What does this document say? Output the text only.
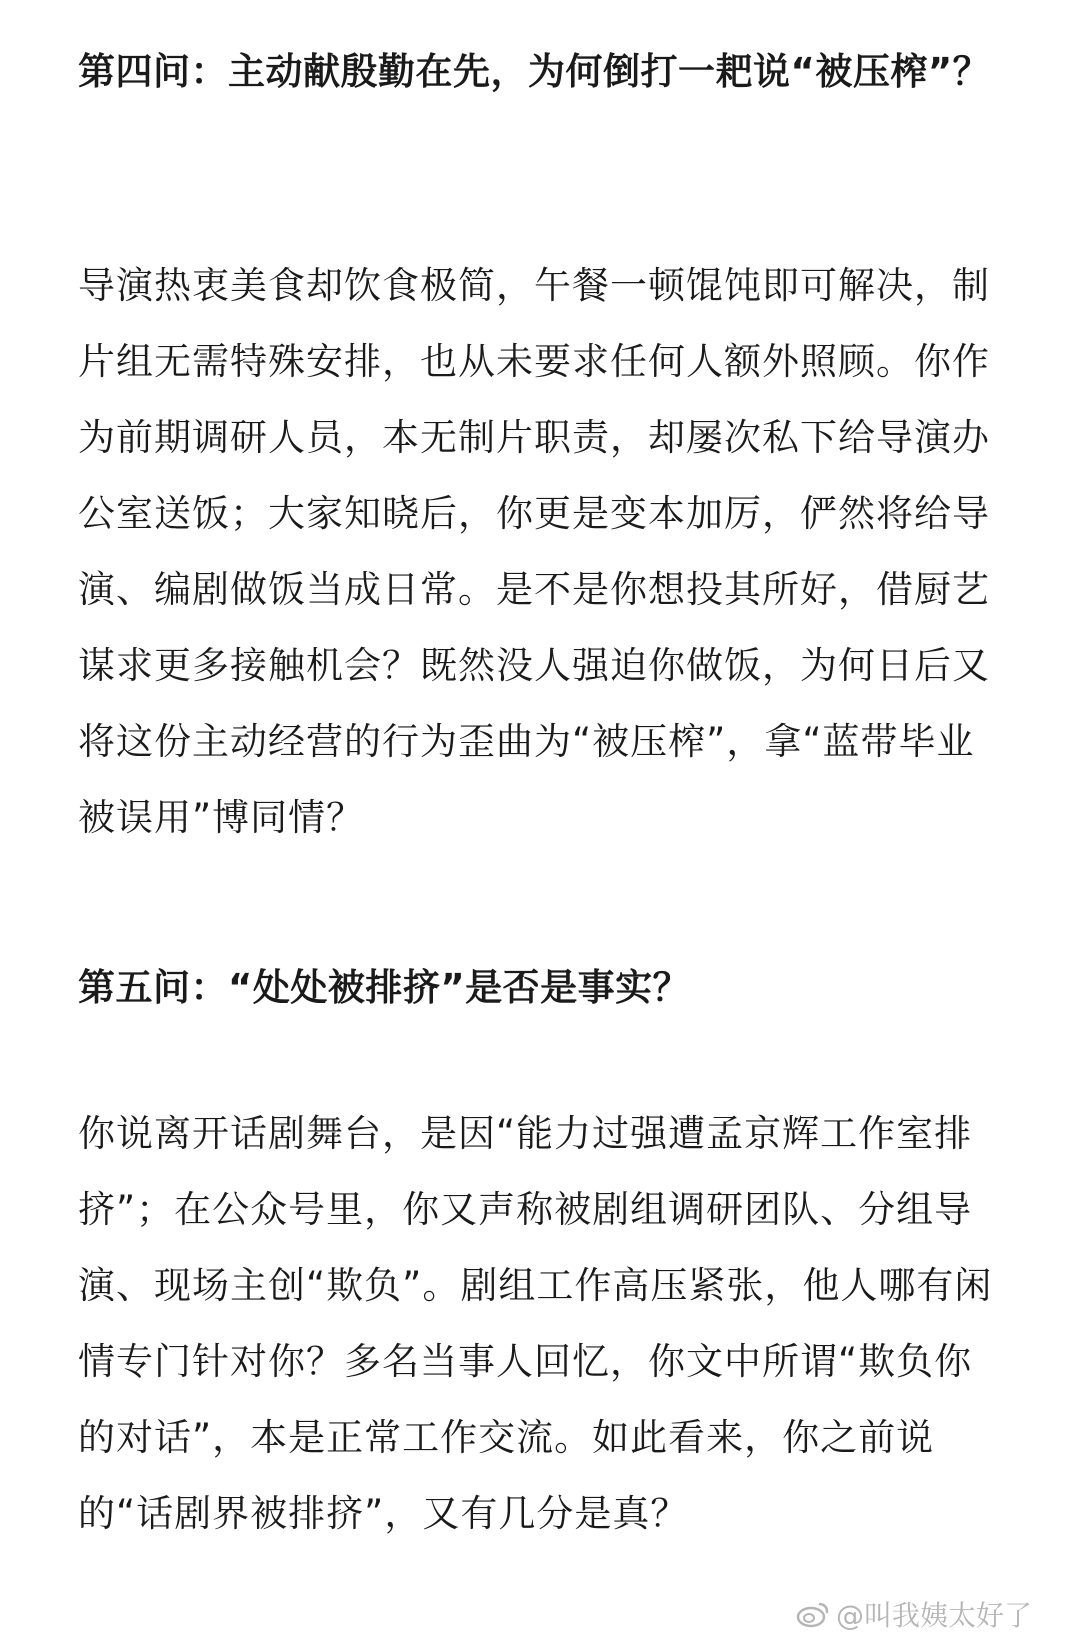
第四问：主动献殷勤在先，为何倒打一耙说“被压榨”？

导演热衷美食却饮食极简，午餐一顿馄饨即可解决，制片组无需特殊安排，也从未要求任何人额外照顾。你作为前期调研人员，本无制片职责，却屡次私下给导演办公室送饭；大家知晓后，你更是变本加厉，俨然将给导演、编剧做饭当成日常。是不是你想投其所好，借厨艺谋求更多接触机会？既然没人强迫你做饭，为何日后又将这份主动经营的行为歪曲为“被压榨”，拿“蓝带毕业被误用”博同情？

第五问：“处处被排挤”是否是事实？

你说离开话剧舞台，是因“能力过强遭孟京辉工作室排挤”；在公众号里，你又声称被剧组调研团队、分组导演、现场主创“欺负”。剧组工作高压紧张，他人哪有闲情专门针对你？多名当事人回忆，你文中所谓“欺负你的对话”，本是正常工作交流。如此看来，你之前说的“话剧界被排挤”，又有几分是真？

@叫我姨太好了
